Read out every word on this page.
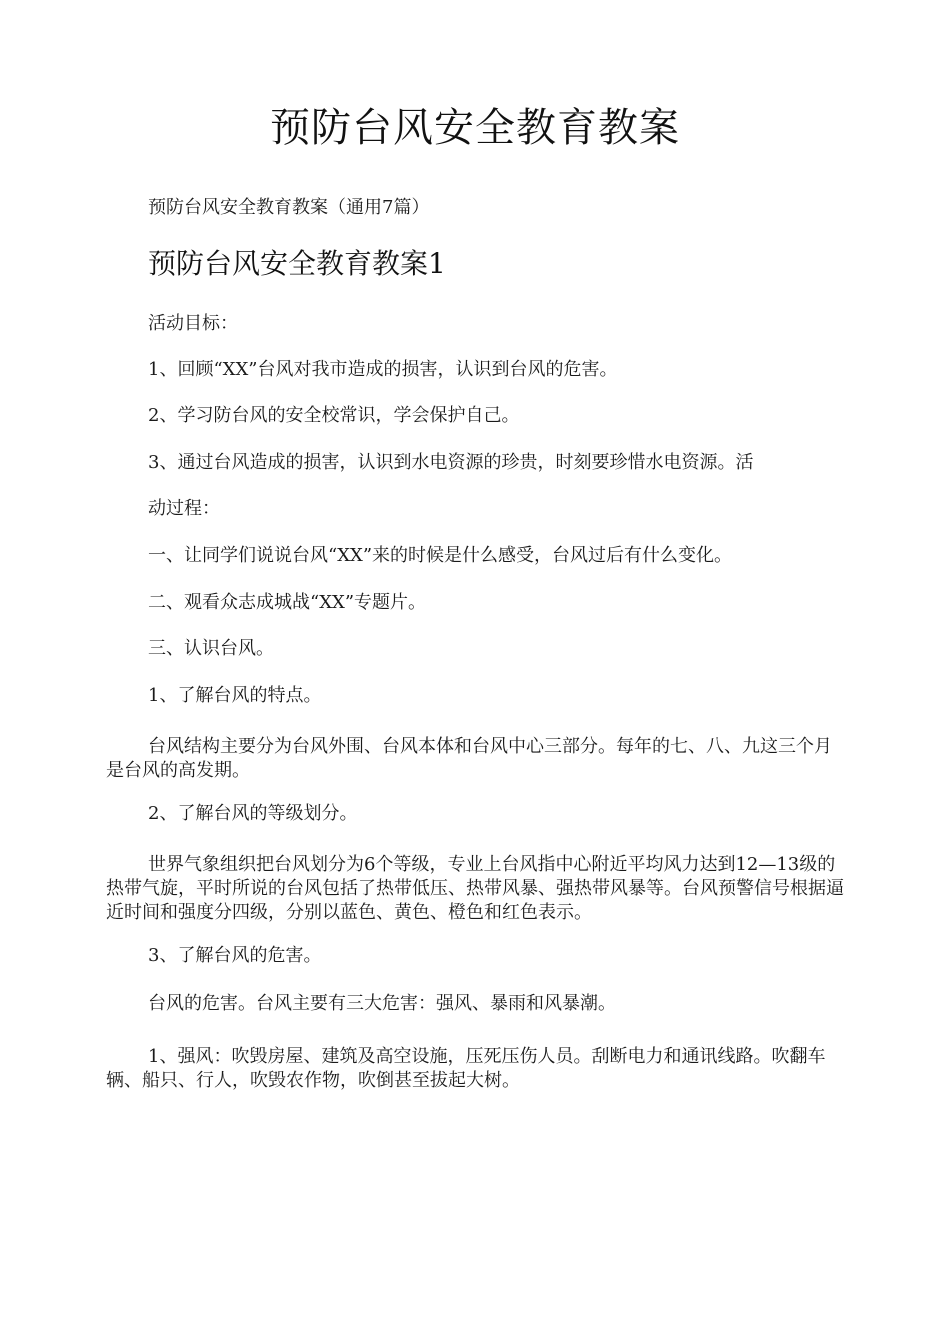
预防台风安全教育教案
预防台风安全教育教案（通用7篇）
预防台风安全教育教案1
活动目标：
1、回顾“XX”台风对我市造成的损害，认识到台风的危害。
2、学习防台风的安全校常识，学会保护自己。
3、通过台风造成的损害，认识到水电资源的珍贵，时刻要珍惜水电资源。活
动过程：
一、让同学们说说台风“XX”来的时候是什么感受，台风过后有什么变化。
二、观看众志成城战“XX”专题片。
三、认识台风。
1、了解台风的特点。
台风结构主要分为台风外围、台风本体和台风中心三部分。每年的七、八、九这三个月是台风的高发期。
2、了解台风的等级划分。
世界气象组织把台风划分为6个等级，专业上台风指中心附近平均风力达到12—13级的热带气旋，平时所说的台风包括了热带低压、热带风暴、强热带风暴等。台风预警信号根据逼近时间和强度分四级，分别以蓝色、黄色、橙色和红色表示。
3、了解台风的危害。
台风的危害。台风主要有三大危害：强风、暴雨和风暴潮。
1、强风：吹毁房屋、建筑及高空设施，压死压伤人员。刮断电力和通讯线路。吹翻车辆、船只、行人，吹毁农作物，吹倒甚至拔起大树。
